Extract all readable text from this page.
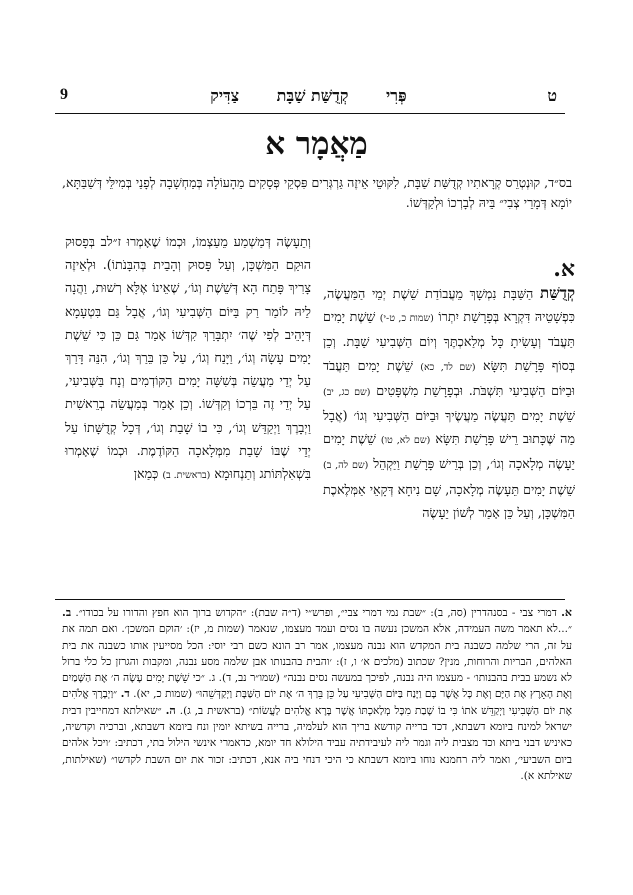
9	פְּרִי קְדֻשַּׁת שַׁבָּת צַדִּיק	ט
מַאֲמָר א
בס״ד, קוּנְטְרֵס קְרָאתִיו קְדֻשַּׁת שַׁבָּת, לִקּוּטֵי אֵיזֶה גַּרְגְּרִים פִּסְקֵי פְּסָקִים מֵהָעוֹלָה בְּמַחְשָׁבָה לְפָנַי בְּמִילֵּי דְּשַׁבַּתָּא, יוֹמָא דְּמָרֵי צְבִי״ בֵּיהּ לְבָרְכוֹ וּלְקַדְּשׁוֹ.
א.
קְדֻשַּׁת הַשַּׁבָּת נִמְשָׁךְ מֵעֲבוֹדַת שֵׁשֶׁת יְמֵי הַמַּעֲשֶׂה, כִּפְשָׁטֵיהּ דִּקְרָא בְּפָרָשַׁת יִתְרוֹ (שמות כ, ט-י) שֵׁשֶׁת יָמִים תַּעֲבֹד וְעָשִׂיתָ כָּל מְלַאכְתֶּךָ וְיוֹם הַשְּׁבִיעִי שַׁבָּת. וְכֵן בְּסוֹף פָּרָשַׁת תִּשָּׂא (שם לד, כא) שֵׁשֶׁת יָמִים תַּעֲבֹד וּבַיּוֹם הַשְּׁבִיעִי תִּשְׁבֹּת. וּבְפָרָשַׁת מִשְׁפָּטִים (שם כג, יב) שֵׁשֶׁת יָמִים תַּעֲשֶׂה מַעֲשֶׂיךָ וּבַיּוֹם הַשְּׁבִיעִי וְגוֹ׳ (אֲבָל מַה שֶּׁכָּתוּב רֵישׁ פָּרָשַׁת תִּשָּׂא (שם לא, טו) שֵׁשֶׁת יָמִים יֵעָשֶׂה מְלָאכָה וְגוֹ׳, וְכֵן בְּרֵישׁ פָּרָשַׁת וַיַּקְהֵל (שם לה, ב) שֵׁשֶׁת יָמִים תֵּעָשֶׂה מְלָאכָה, שָׁם נִיחָא דְּקָאֵי אַמְּלֶאכֶת הַמִּשְׁכָּן, וְעַל כֵּן אָמַר לְשׁוֹן יֵעָשֶׂה
וְתֵעָשֶׂה דְּמַשְׁמַע מֵעַצְמוֹ, וּכְמוֹ שֶׁאָמְרוּ ז״לב בְּפָסוּק הוּקַם הַמִּשְׁכָּן, וְעַל פָּסוּק וְהָבֵית בְּהִבָּנֹתוֹ). וּלְאֵיזֶה צָרִיךְ פָּתַח הָא דְּשֵׁשֶׁת וְגוֹ׳, שֶׁאֵינוֹ אֶלָּא רְשׁוּת, וַהֲנָה לֵיהּ לוֹמַר רַק בַּיּוֹם הַשְּׁבִיעִי וְגוֹ׳, אֲבָל גַּם בִּטְעָמָא דְּיָהֵיב לְפִי שֶׁה׳ יִתְבָּרַךְ קִדְּשׁוֹ אָמַר גַּם כֵּן כִּי שֵׁשֶׁת יָמִים עָשָׂה וְגוֹ׳, וַיָּנַח וְגוֹ׳, עַל כֵּן בֵּרַךְ וְגוֹ׳, הִנֵּה דָּרַךְ עַל יְדֵי מַעֲשֵׂה בְּשִׁשָּׁה יָמִים הַקּוֹדְמִים וְנָח בַּשְּׁבִיעִי, עַל יְדֵי זֶה בֵּרְכוֹ וְקִדְּשׁוֹ. וְכֵן אָמַר בְּמַעֲשֵׂה בְרֵאשִׁית וַיְבָרֶךְ וַיְקַדֵּשׁ וְגוֹ׳, כִּי בוֹ שָׁבַת וְגוֹ׳, דְּכָל קְדֻשָּׁתוֹ עַל יְדֵי שֶׁבּוֹ שָׁבַת מִמְּלָאכָה הַקּוֹדֶמֶת. וּכְמוֹ שֶׁאָמְרוּ בִּשְׁאִלְתּוֹתג וְתַנְחוּמָא (בראשית. ב) כְּמַאן
א. דמרי צבי - בסנהדרין (סה, ב): ״שבת נמי דמרי צבי״, ופרש״י (ד״ה שבת): ״הקדוש ברוך הוא חפץ והדורו על בכודו״. ב. ״...לא תאמר משה העמידה, אלא המשכן נעשה בו נסים ועמד מעצמו, שנאמר (שמות מ, יז): ׳הוקם המשכן׳. ואם תמה את על זה, הרי שלמה כשבנה בית המקדש הוא נבנה מעצמו, אמר רב הונא כשם רבי יוסי: הכל מסייעין אותו כשבנה את בית האלהים, הבריות והרוחות, מנין? שכתוב (מלכים א׳ ו, ז): ׳והבית בהבנותו אבן שלמה מסע נבנה, ומקבות והגרזן כל כלי ברזל לא נשמע בבית בהבנותו׳ - מעצמו היה נבנה, לפיכך במעשה נסים נבנה״ (שמו״ר נב, ד). ג. ״כי שֵׁשֶׁת יָמִים עָשָׂה ה׳ אֶת הַשָּׁמַיִם וְאֶת הָאָרֶץ אֶת הַיָּם וְאֶת כָּל אֲשֶׁר בָּם וַיָּנַח בַּיּוֹם הַשְּׁבִיעִי עַל כֵּן בֵּרַךְ ה׳ אֶת יוֹם הַשַּׁבָּת וַיְקַדְּשֵׁהוּ״ (שמות כ, יא). ד. ״וַיְבָרֶךְ אֱלֹהִים אֶת יוֹם הַשְּׁבִיעִי וַיְקַדֵּשׁ אֹתוֹ כִּי בוֹ שָׁבַת מִכָּל מְלַאכְתּוֹ אֲשֶׁר בָּרָא אֱלֹהִים לַעֲשׂוֹת״ (בראשית ב, ג). ה. ״שאילתא דמחייבין דבית ישראל למינח ביומא דשבתא, דכד ברייה קודשא בריך הוא לעלמיה, ברייה בשיתא יומין ונח ביומא דשבתא, וברכיה וקדשיה, כאיניש דבני ביתא וכד מצבית ליה וגמר ליה לעיבידתיה עביד הילולא חד יומא, כדאמרי אינשי הילול בתי, דכתיב: ׳ויכל אלהים ביום השביעי׳, ואמר ליה רחמנא נוחו ביומא דשבתא כי היכי דנחי ביה אנא, דכתיב: זכור את יום השבת לקדשו״ (שאילתות, שאילתא א).
